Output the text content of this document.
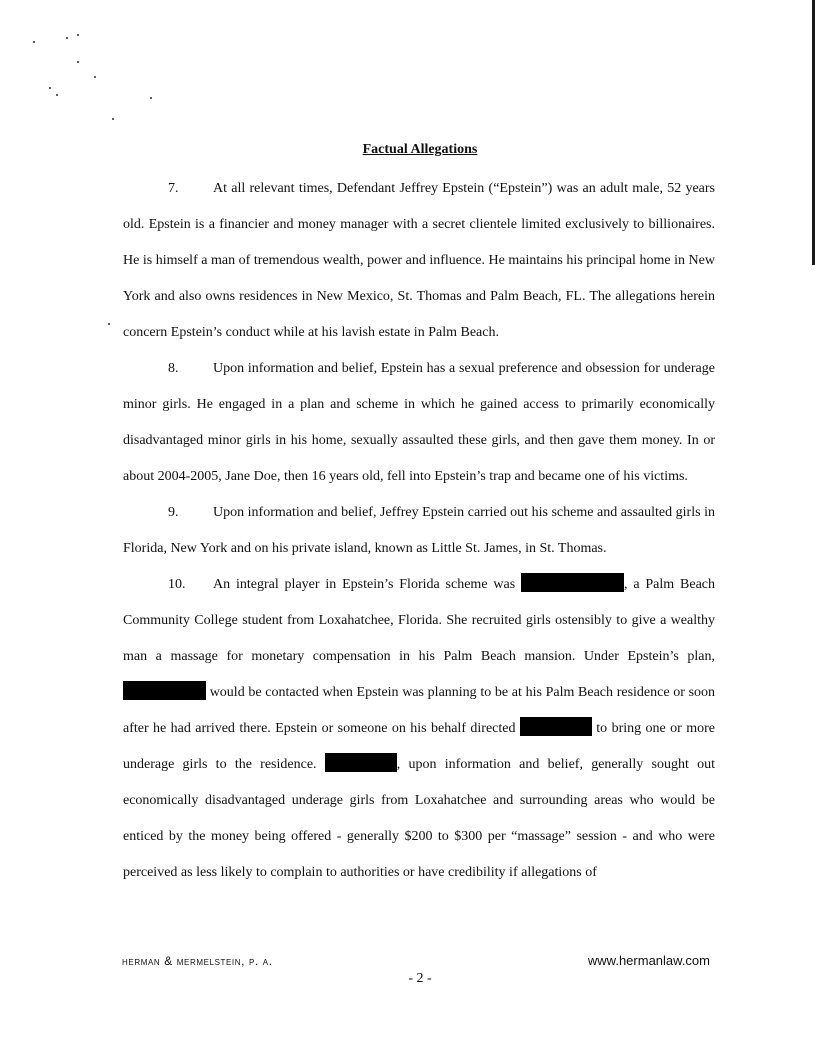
Factual Allegations

7. At all relevant times, Defendant Jeffrey Epstein (“Epstein”) was an adult male, 52 years old. Epstein is a financier and money manager with a secret clientele limited exclusively to billionaires. He is himself a man of tremendous wealth, power and influence. He maintains his principal home in New York and also owns residences in New Mexico, St. Thomas and Palm Beach, FL. The allegations herein concern Epstein’s conduct while at his lavish estate in Palm Beach.

8. Upon information and belief, Epstein has a sexual preference and obsession for underage minor girls. He engaged in a plan and scheme in which he gained access to primarily economically disadvantaged minor girls in his home, sexually assaulted these girls, and then gave them money. In or about 2004-2005, Jane Doe, then 16 years old, fell into Epstein’s trap and became one of his victims.

9. Upon information and belief, Jeffrey Epstein carried out his scheme and assaulted girls in Florida, New York and on his private island, known as Little St. James, in St. Thomas.

10. An integral player in Epstein’s Florida scheme was	, a Palm Beach Community College student from Loxahatchee, Florida. She recruited girls ostensibly to give a wealthy man a massage for monetary compensation in his Palm Beach mansion. Under Epstein’s plan, would be contacted when Epstein was planning to be at his Palm Beach residence or soon after he had arrived there. Epstein or someone on his behalf directed	to bring one or more underage girls to the residence.	, upon information and belief, generally sought out economically disadvantaged underage girls from Loxahatchee and surrounding areas who would be enticed by the money being offered - generally $200 to $300 per “massage” session - and who were perceived as less likely to complain to authorities or have credibility if allegations of

herman & mermelstein, p. a.	www.hermanlaw.com
- 2 -
